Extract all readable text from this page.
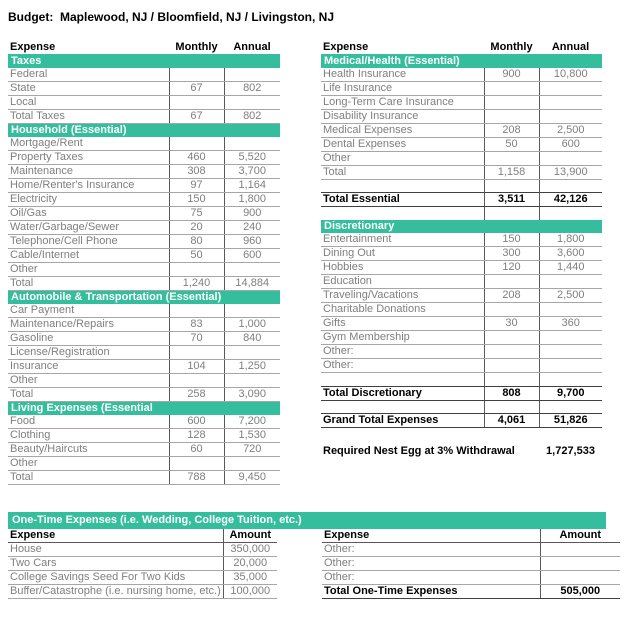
Budget:  Maplewood, NJ / Bloomfield, NJ / Livingston, NJ
Expense	Monthly	Annual
Taxes		
Federal		
State	67	802
Local		
Total Taxes	67	802
Household (Essential)		
Mortgage/Rent		
Property Taxes	460	5,520
Maintenance	308	3,700
Home/Renter's Insurance	97	1,164
Electricity	150	1,800
Oil/Gas	75	900
Water/Garbage/Sewer	20	240
Telephone/Cell Phone	80	960
Cable/Internet	50	600
Other		
Total	1,240	14,884
Automobile & Transportation (Essential)		
Car Payment		
Maintenance/Repairs	83	1,000
Gasoline	70	840
License/Registration		
Insurance	104	1,250
Other		
Total	258	3,090
Living Expenses (Essential		
Food	600	7,200
Clothing	128	1,530
Beauty/Haircuts	60	720
Other		
Total	788	9,450
Expense	Monthly	Annual
Medical/Health (Essential)		
Health Insurance	900	10,800
Life Insurance		
Long-Term Care Insurance		
Disability Insurance		
Medical Expenses	208	2,500
Dental Expenses	50	600
Other		
Total	1,158	13,900

Total Essential	3,511	42,126

Discretionary		
Entertainment	150	1,800
Dining Out	300	3,600
Hobbies	120	1,440
Education		
Traveling/Vacations	208	2,500
Charitable Donations		
Gifts	30	360
Gym Membership		
Other:		
Other:		

Total Discretionary	808	9,700

Grand Total Expenses	4,061	51,826

Required Nest Egg at 3% Withdrawal		1,727,533
One-Time Expenses (i.e. Wedding, College Tuition, etc.)
Expense	Amount
House	350,000
Two Cars	20,000
College Savings Seed For Two Kids	35,000
Buffer/Catastrophe (i.e. nursing home, etc.)	100,000
Expense	Amount
Other:	
Other:	
Other:	
Total One-Time Expenses	505,000
